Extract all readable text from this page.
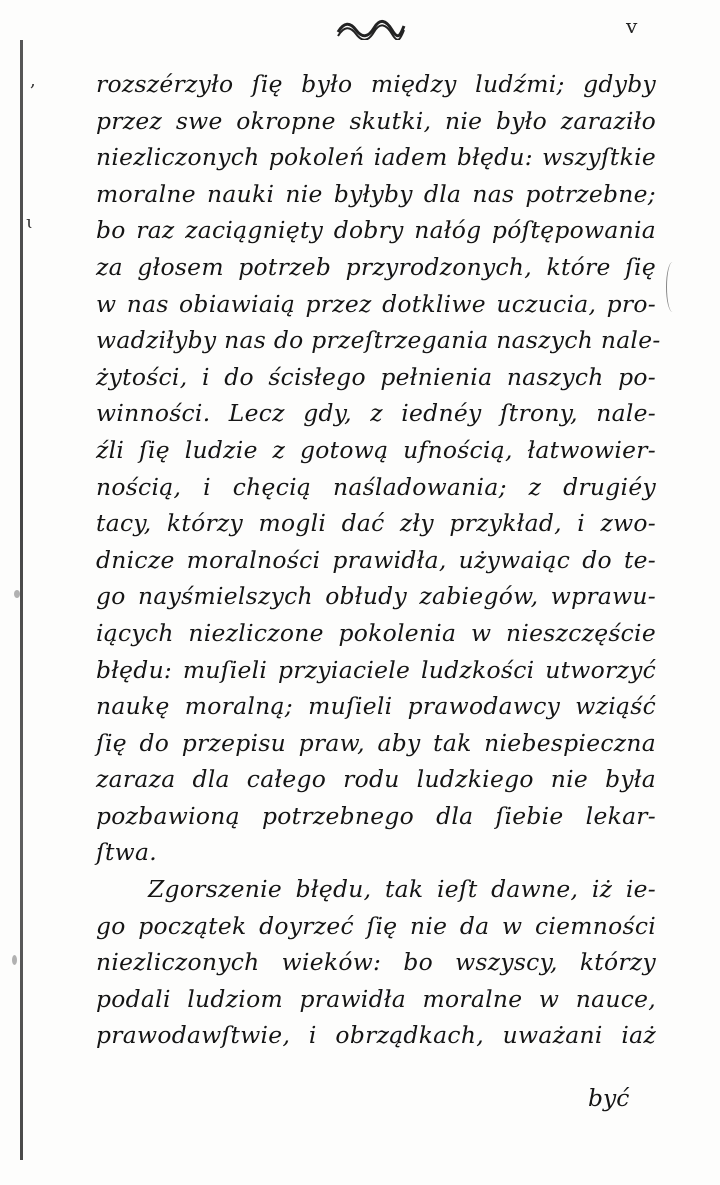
,
ɩ
v
rozszérzyło ſię było między ludźmi; gdyby
przez swe okropne skutki, nie było zaraziło
niezliczonych pokoleń iadem błędu: wszyſtkie
moralne nauki nie byłyby dla nas potrzebne;
bo raz zaciągnięty dobry nałóg póſtępowania
za głosem potrzeb przyrodzonych, które ſię
w nas obiawiaią przez dotkliwe uczucia, pro-
wadziłyby nas do przeſtrzegania naszych nale-
żytości, i do ścisłego pełnienia naszych po-
winności. Lecz gdy, z iednéy ſtrony, nale-
źli ſię ludzie z gotową ufnością, łatwowier-
nością, i chęcią naśladowania; z drugiéy
tacy, którzy mogli dać zły przykład, i zwo-
dnicze moralności prawidła, używaiąc do te-
go nayśmielszych obłudy zabiegów, wprawu-
iących niezliczone pokolenia w nieszczęście
błędu: muſieli przyiaciele ludzkości utworzyć
naukę moralną; muſieli prawodawcy wziąść
ſię do przepisu praw, aby tak niebespieczna
zaraza dla całego rodu ludzkiego nie była
pozbawioną potrzebnego dla ſiebie lekar-
ſtwa.
Zgorszenie błędu, tak ieſt dawne, iż ie-
go początek doyrzeć ſię nie da w ciemności
niezliczonych wieków: bo wszyscy, którzy
podali ludziom prawidła moralne w nauce,
prawodawſtwie, i obrządkach, uważani iaż
być
